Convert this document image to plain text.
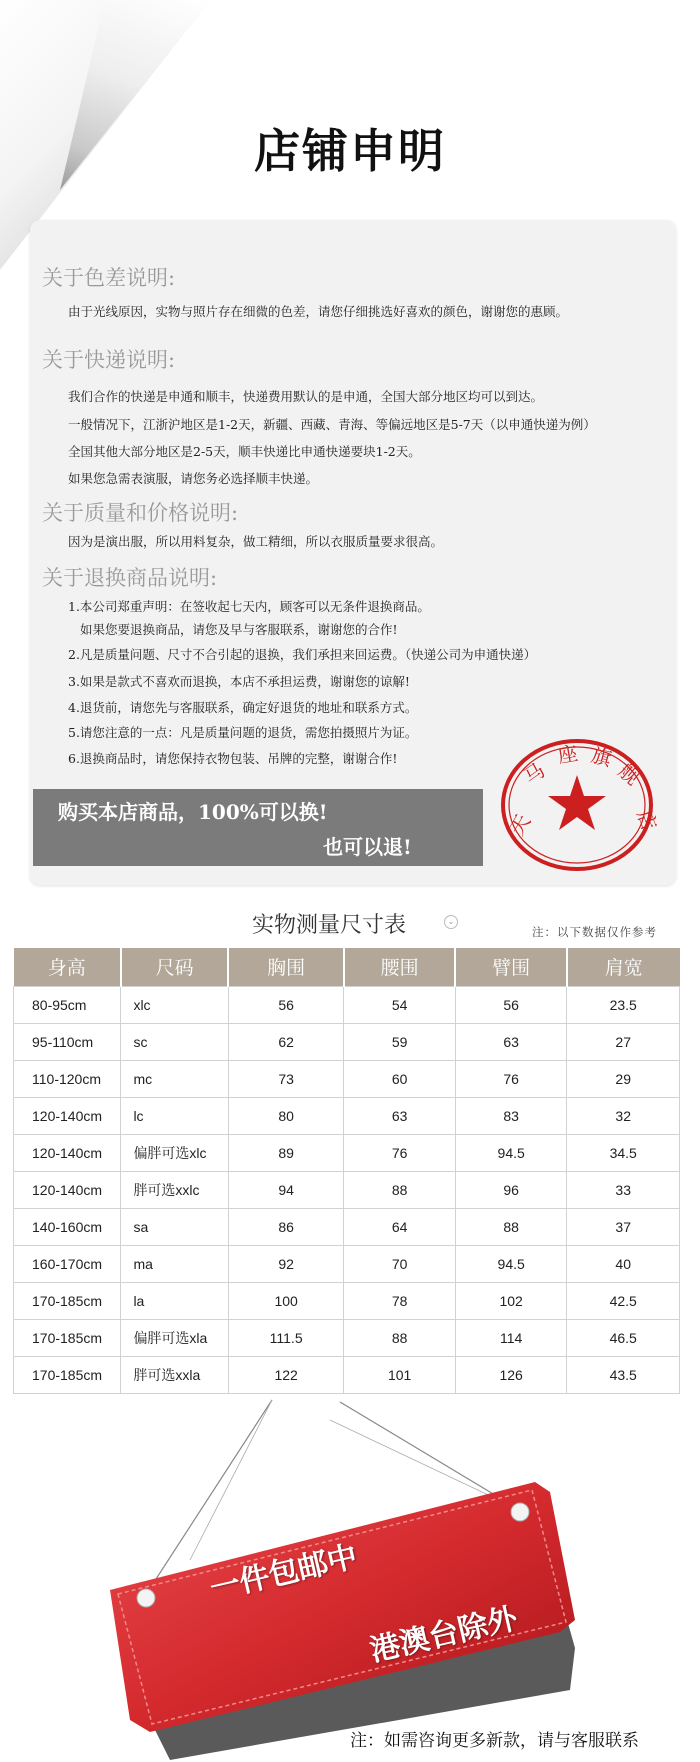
店铺申明
关于色差说明:
由于光线原因，实物与照片存在细微的色差，请您仔细挑选好喜欢的颜色，谢谢您的惠顾。
关于快递说明:
我们合作的快递是申通和顺丰，快递费用默认的是申通，全国大部分地区均可以到达。
一般情况下，江浙沪地区是1-2天，新疆、西藏、青海、等偏远地区是5-7天（以申通快递为例）
全国其他大部分地区是2-5天，顺丰快递比申通快递要块1-2天。
如果您急需表演服，请您务必选择顺丰快递。
关于质量和价格说明:
因为是演出服，所以用料复杂，做工精细，所以衣服质量要求很高。
关于退换商品说明:
1.本公司郑重声明：在签收起七天内，顾客可以无条件退换商品。
如果您要退换商品，请您及早与客服联系，谢谢您的合作!
2.凡是质量问题、尺寸不合引起的退换，我们承担来回运费。（快递公司为申通快递）
3.如果是款式不喜欢而退换，本店不承担运费，谢谢您的谅解!
4.退货前，请您先与客服联系，确定好退货的地址和联系方式。
5.请您注意的一点：凡是质量问题的退货，需您拍摄照片为证。
6.退换商品时，请您保持衣物包装、吊牌的完整，谢谢合作!
购买本店商品，100%可以换!
也可以退!
天
马
座 旗
舰
店
实物测量尺寸表	⌄
注：以下数据仅作参考
身高	尺码	胸围	腰围	臂围	肩宽
80-95cm	xlc	56	54	56	23.5
95-110cm	sc	62	59	63	27
110-120cm	mc	73	60	76	29
120-140cm	lc	80	63	83	32
120-140cm	偏胖可选xlc	89	76	94.5	34.5
120-140cm	胖可选xxlc	94	88	96	33
140-160cm	sa	86	64	88	37
160-170cm	ma	92	70	94.5	40
170-185cm	la	100	78	102	42.5
170-185cm	偏胖可选xla	111.5	88	114	46.5
170-185cm	胖可选xxla	122	101	126	43.5
一件包邮中
港澳台除外
注：如需咨询更多新款，请与客服联系
